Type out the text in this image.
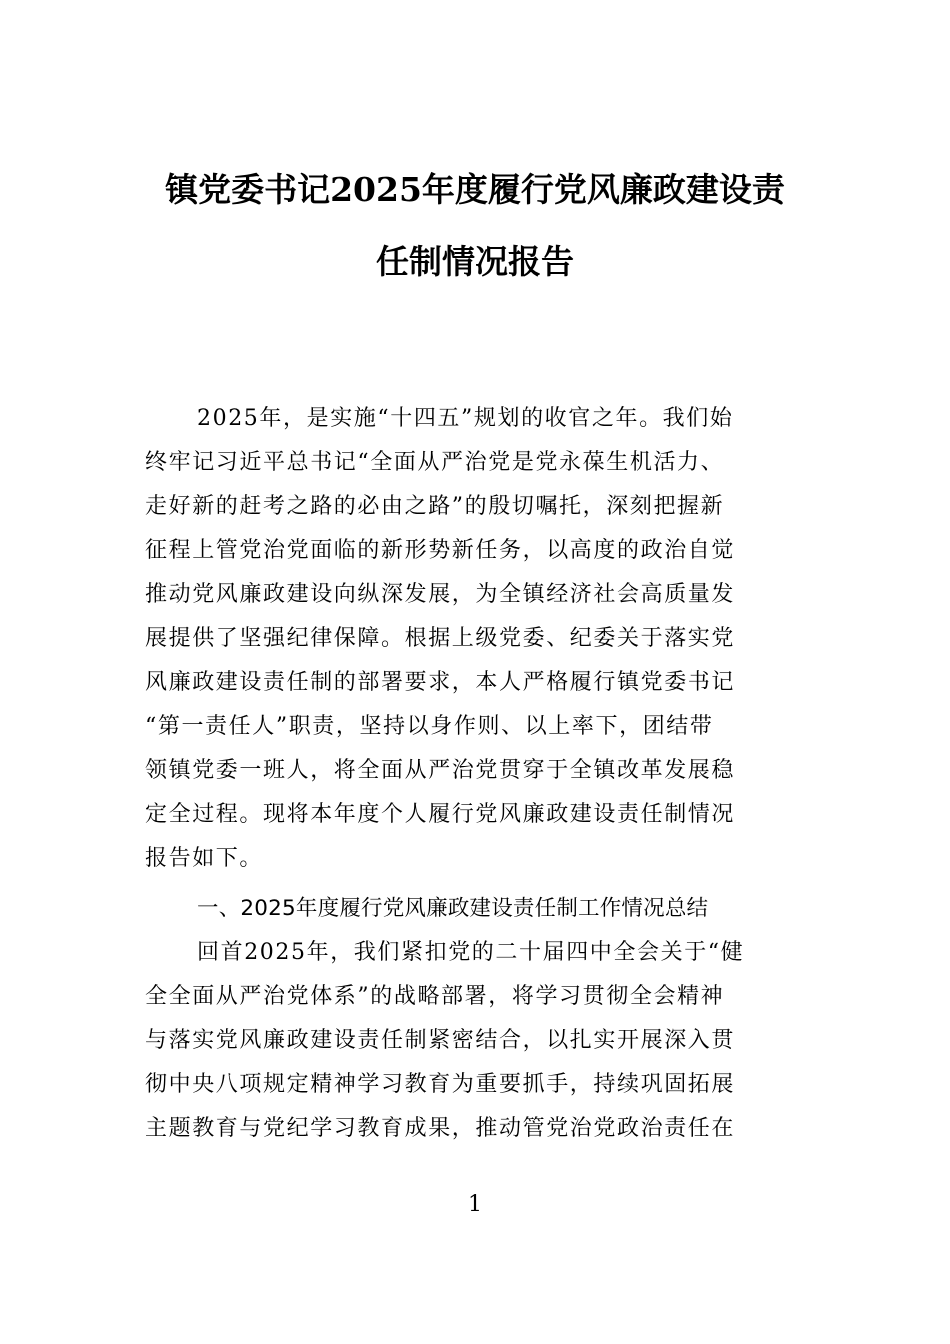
镇党委书记2025年度履行党风廉政建设责
任制情况报告
2025年，是实施“十四五”规划的收官之年。我们始
终牢记习近平总书记“全面从严治党是党永葆生机活力、
走好新的赶考之路的必由之路”的殷切嘱托，深刻把握新
征程上管党治党面临的新形势新任务，以高度的政治自觉
推动党风廉政建设向纵深发展，为全镇经济社会高质量发
展提供了坚强纪律保障。根据上级党委、纪委关于落实党
风廉政建设责任制的部署要求，本人严格履行镇党委书记
“第一责任人”职责，坚持以身作则、以上率下，团结带
领镇党委一班人，将全面从严治党贯穿于全镇改革发展稳
定全过程。现将本年度个人履行党风廉政建设责任制情况
报告如下。
一、2025年度履行党风廉政建设责任制工作情况总结
回首2025年，我们紧扣党的二十届四中全会关于“健
全全面从严治党体系”的战略部署，将学习贯彻全会精神
与落实党风廉政建设责任制紧密结合，以扎实开展深入贯
彻中央八项规定精神学习教育为重要抓手，持续巩固拓展
主题教育与党纪学习教育成果，推动管党治党政治责任在
1
